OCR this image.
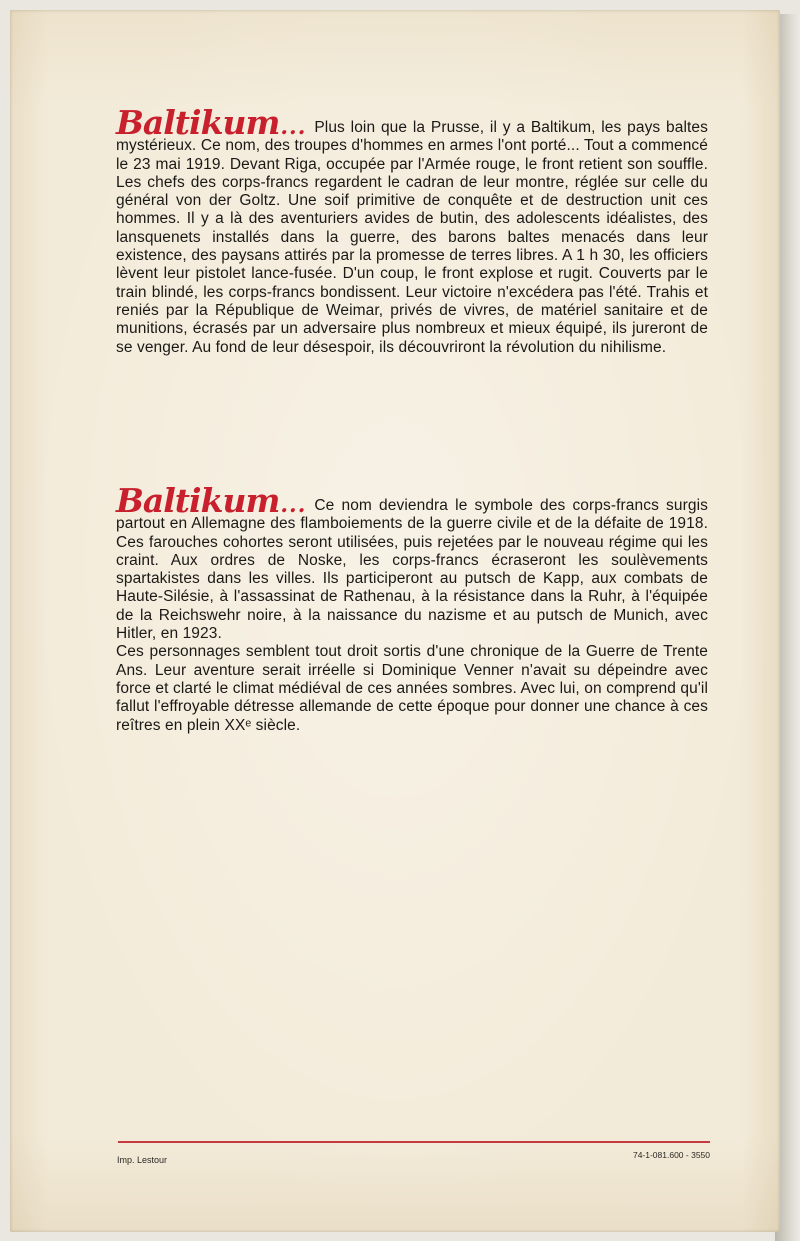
Baltikum... Plus loin que la Prusse, il y a Baltikum, les pays baltes mystérieux. Ce nom, des troupes d'hommes en armes l'ont porté... Tout a commencé le 23 mai 1919. Devant Riga, occupée par l'Armée rouge, le front retient son souffle. Les chefs des corps-francs regardent le cadran de leur montre, réglée sur celle du général von der Goltz. Une soif primitive de conquête et de destruction unit ces hommes. Il y a là des aventuriers avides de butin, des adolescents idéalistes, des lansquenets installés dans la guerre, des barons baltes menacés dans leur existence, des paysans attirés par la promesse de terres libres. A 1 h 30, les officiers lèvent leur pistolet lance-fusée. D'un coup, le front explose et rugit. Couverts par le train blindé, les corps-francs bondissent. Leur victoire n'excédera pas l'été. Trahis et reniés par la République de Weimar, privés de vivres, de matériel sanitaire et de munitions, écrasés par un adversaire plus nombreux et mieux équipé, ils jureront de se venger. Au fond de leur désespoir, ils découvriront la révolution du nihilisme.

Baltikum... Ce nom deviendra le symbole des corps-francs surgis partout en Allemagne des flamboiements de la guerre civile et de la défaite de 1918. Ces farouches cohortes seront utilisées, puis rejetées par le nouveau régime qui les craint. Aux ordres de Noske, les corps-francs écraseront les soulèvements spartakistes dans les villes. Ils participeront au putsch de Kapp, aux combats de Haute-Silésie, à l'assassinat de Rathenau, à la résistance dans la Ruhr, à l'équipée de la Reichswehr noire, à la naissance du nazisme et au putsch de Munich, avec Hitler, en 1923.

Ces personnages semblent tout droit sortis d'une chronique de la Guerre de Trente Ans. Leur aventure serait irréelle si Dominique Venner n'avait su dépeindre avec force et clarté le climat médiéval de ces années sombres. Avec lui, on comprend qu'il fallut l'effroyable détresse allemande de cette époque pour donner une chance à ces reîtres en plein XXᵉ siècle.

Imp. Lestour	74-1-081.600 - 3550
